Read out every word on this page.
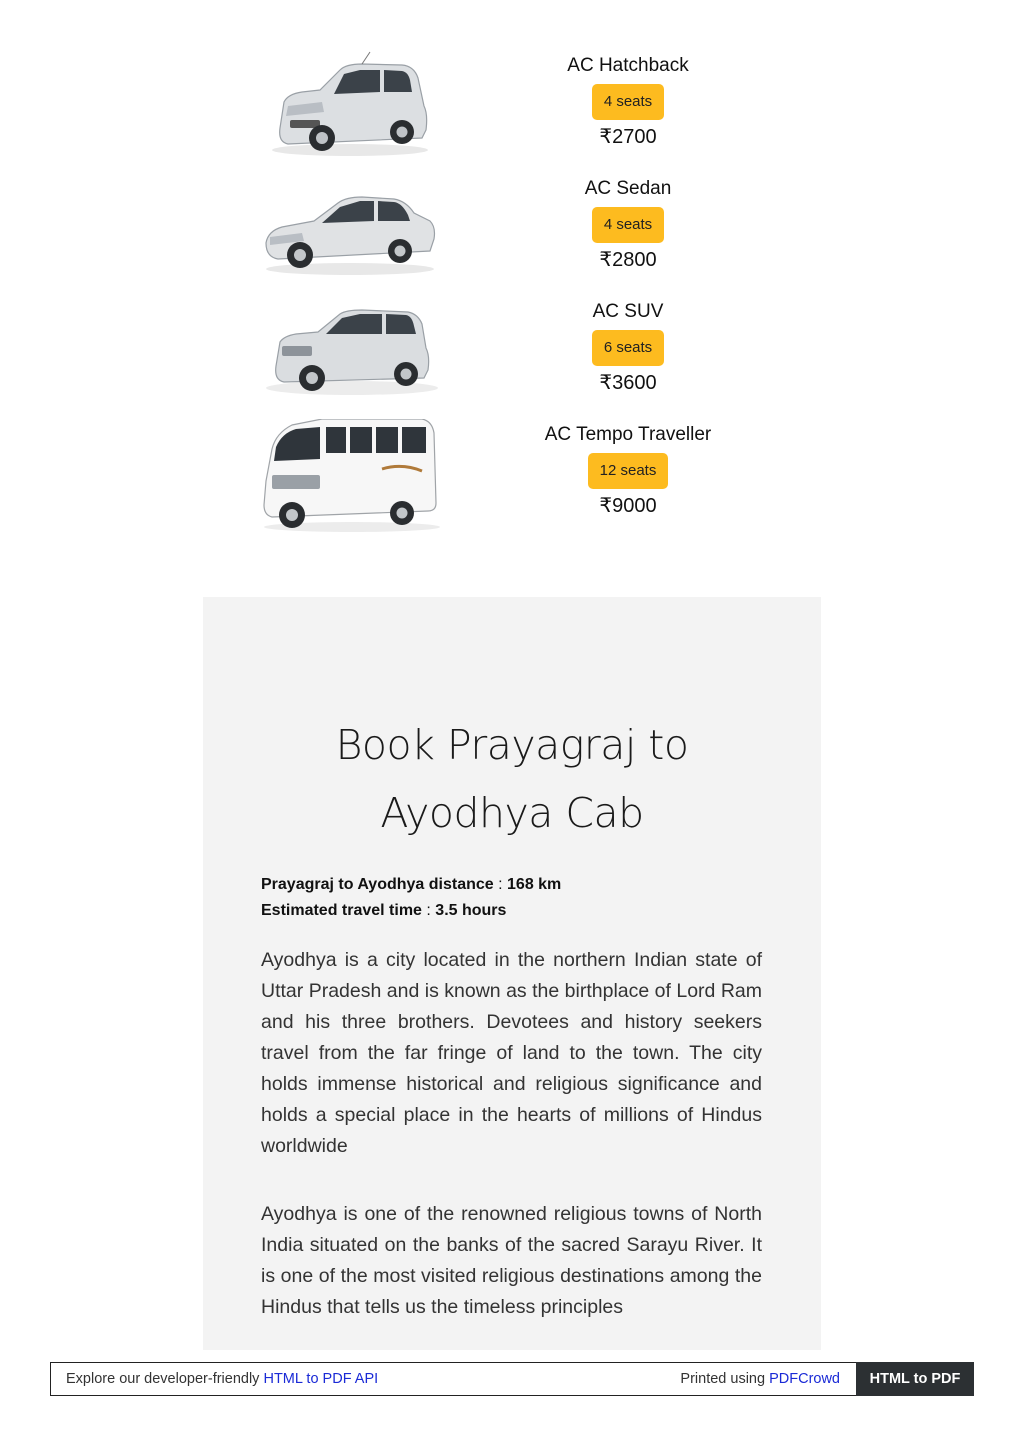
AC Hatchback
4 seats
₹2700
AC Sedan
4 seats
₹2800
AC SUV
6 seats
₹3600
AC Tempo Traveller
12 seats
₹9000
Book Prayagraj to
Ayodhya Cab
Prayagraj to Ayodhya distance : 168 km
Estimated travel time : 3.5 hours

Ayodhya is a city located in the northern Indian state of Uttar Pradesh and is known as the birthplace of Lord Ram and his three brothers. Devotees and history seekers travel from the far fringe of land to the town. The city holds immense historical and religious significance and holds a special place in the hearts of millions of Hindus worldwide

Ayodhya is one of the renowned religious towns of North India situated on the banks of the sacred Sarayu River. It is one of the most visited religious destinations among the Hindus that tells us the timeless principles

Explore our developer-friendly HTML to PDF API	Printed using PDFCrowd	HTML to PDF
